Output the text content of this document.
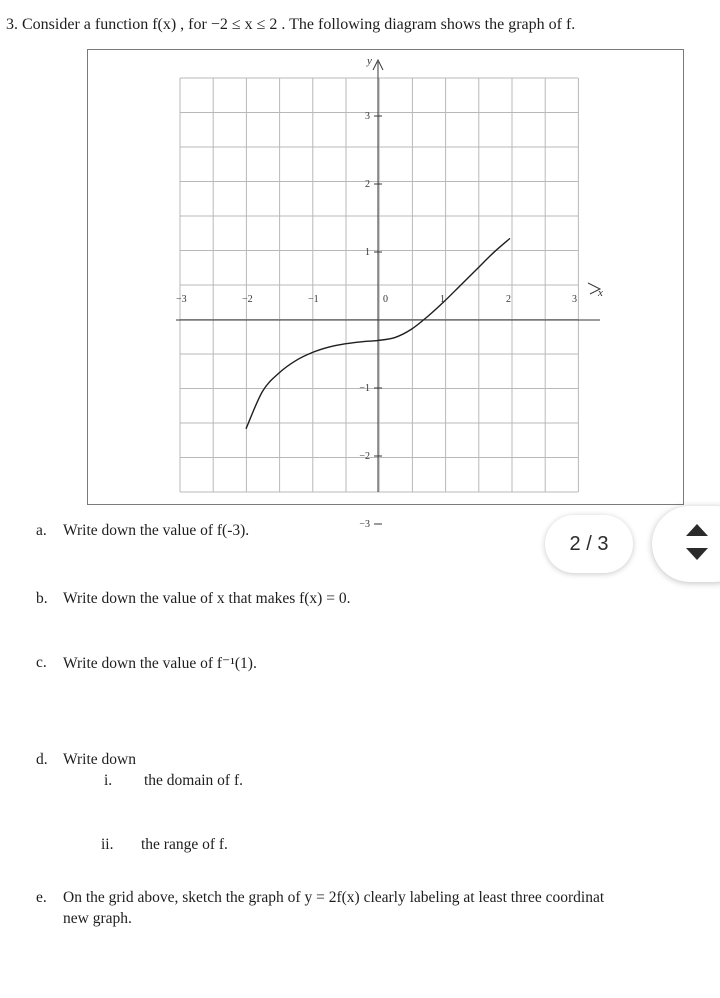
3. Consider a function f(x) , for −2 ≤ x ≤ 2 . The following diagram shows the graph of f.
x
y
−3	−2	−1	0	1	2	3
3
2
1
−1
−2
−3
a. Write down the value of f(-3).
b. Write down the value of x that makes f(x) = 0.
c. Write down the value of f⁻¹(1).
d. Write down
i. the domain of f.
ii. the range of f.
e. On the grid above, sketch the graph of y = 2f(x) clearly labeling at least three coordinat
new graph.
2 / 3
